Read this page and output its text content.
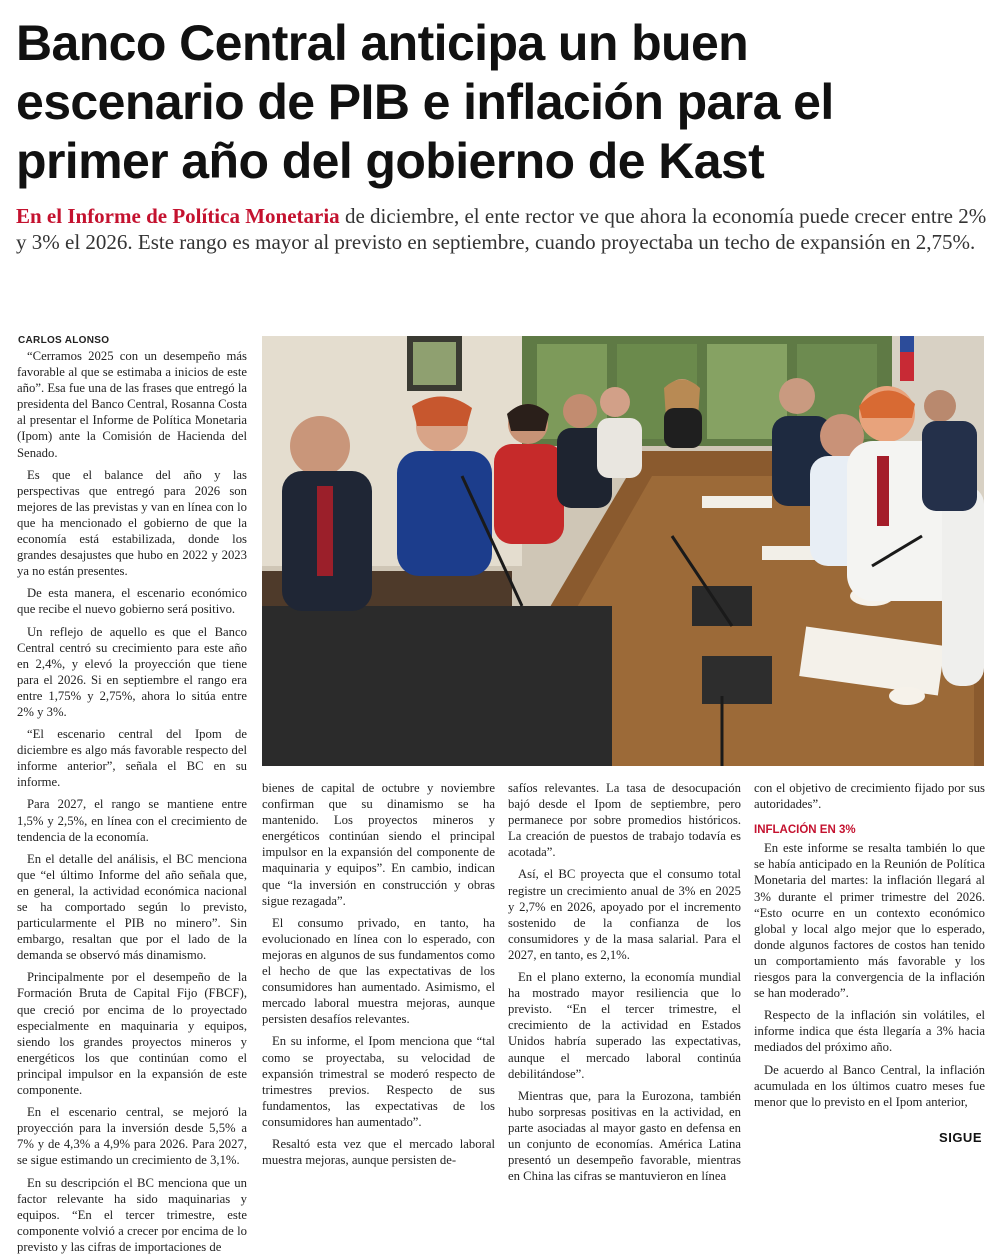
Banco Central anticipa un buen escenario de PIB e inflación para el primer año del gobierno de Kast

En el Informe de Política Monetaria de diciembre, el ente rector ve que ahora la economía puede crecer entre 2% y 3% el 2026. Este rango es mayor al previsto en septiembre, cuando proyectaba un techo de expansión en 2,75%.

CARLOS ALONSO

“Cerramos 2025 con un desempeño más favorable al que se estimaba a inicios de este año”. Esa fue una de las frases que entregó la presidenta del Banco Central, Rosanna Costa al presentar el Informe de Política Monetaria (Ipom) ante la Comisión de Hacienda del Senado.

Es que el balance del año y las perspectivas que entregó para 2026 son mejores de las previstas y van en línea con lo que ha mencionado el gobierno de que la economía está estabilizada, donde los grandes desajustes que hubo en 2022 y 2023 ya no están presentes.

De esta manera, el escenario económico que recibe el nuevo gobierno será positivo.

Un reflejo de aquello es que el Banco Central centró su crecimiento para este año en 2,4%, y elevó la proyección que tiene para el 2026. Si en septiembre el rango era entre 1,75% y 2,75%, ahora lo sitúa entre 2% y 3%.

“El escenario central del Ipom de diciembre es algo más favorable respecto del informe anterior”, señala el BC en su informe.

Para 2027, el rango se mantiene entre 1,5% y 2,5%, en línea con el crecimiento de tendencia de la economía.

En el detalle del análisis, el BC menciona que “el último Informe del año señala que, en general, la actividad económica nacional se ha comportado según lo previsto, particularmente el PIB no minero”. Sin embargo, resaltan que por el lado de la demanda se observó más dinamismo.

Principalmente por el desempeño de la Formación Bruta de Capital Fijo (FBCF), que creció por encima de lo proyectado especialmente en maquinaria y equipos, siendo los grandes proyectos mineros y energéticos los que continúan como el principal impulsor en la expansión de este componente.

En el escenario central, se mejoró la proyección para la inversión desde 5,5% a 7% y de 4,3% a 4,9% para 2026. Para 2027, se sigue estimando un crecimiento de 3,1%.

En su descripción el BC menciona que un factor relevante ha sido maquinarias y equipos. “En el tercer trimestre, este componente volvió a crecer por encima de lo previsto y las cifras de importaciones de

bienes de capital de octubre y noviembre confirman que su dinamismo se ha mantenido. Los proyectos mineros y energéticos continúan siendo el principal impulsor en la expansión del componente de maquinaria y equipos”. En cambio, indican que “la inversión en construcción y obras sigue rezagada”.

El consumo privado, en tanto, ha evolucionado en línea con lo esperado, con mejoras en algunos de sus fundamentos como el hecho de que las expectativas de los consumidores han aumentado. Asimismo, el mercado laboral muestra mejoras, aunque persisten desafíos relevantes.

En su informe, el Ipom menciona que “tal como se proyectaba, su velocidad de expansión trimestral se moderó respecto de trimestres previos. Respecto de sus fundamentos, las expectativas de los consumidores han aumentado”.

Resaltó esta vez que el mercado laboral muestra mejoras, aunque persisten de-

safíos relevantes. La tasa de desocupación bajó desde el Ipom de septiembre, pero permanece por sobre promedios históricos. La creación de puestos de trabajo todavía es acotada”.

Así, el BC proyecta que el consumo total registre un crecimiento anual de 3% en 2025 y 2,7% en 2026, apoyado por el incremento sostenido de la confianza de los consumidores y de la masa salarial. Para el 2027, en tanto, es 2,1%.

En el plano externo, la economía mundial ha mostrado mayor resiliencia que lo previsto. “En el tercer trimestre, el crecimiento de la actividad en Estados Unidos habría superado las expectativas, aunque el mercado laboral continúa debilitándose”.

Mientras que, para la Eurozona, también hubo sorpresas positivas en la actividad, en parte asociadas al mayor gasto en defensa en un conjunto de economías. América Latina presentó un desempeño favorable, mientras en China las cifras se mantuvieron en línea

con el objetivo de crecimiento fijado por sus autoridades”.

INFLACIÓN EN 3%

En este informe se resalta también lo que se había anticipado en la Reunión de Política Monetaria del martes: la inflación llegará al 3% durante el primer trimestre del 2026. “Esto ocurre en un contexto económico global y local algo mejor que lo esperado, donde algunos factores de costos han tenido un comportamiento más favorable y los riesgos para la convergencia de la inflación se han moderado”.

Respecto de la inflación sin volátiles, el informe indica que ésta llegaría a 3% hacia mediados del próximo año.

De acuerdo al Banco Central, la inflación acumulada en los últimos cuatro meses fue menor que lo previsto en el Ipom anterior,

SIGUE
